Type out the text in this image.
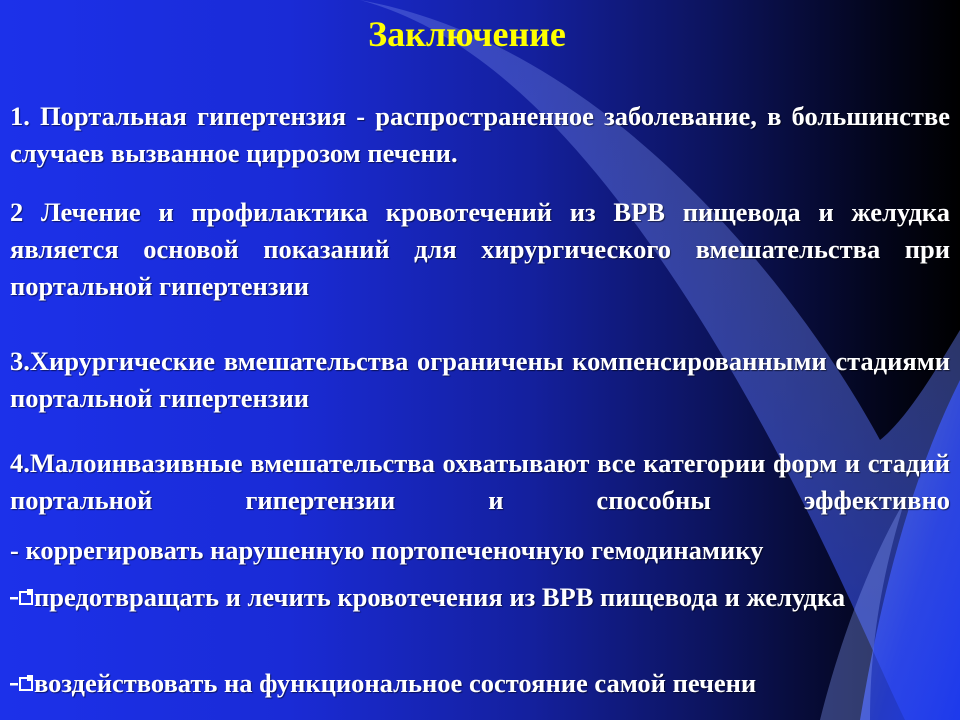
Заключение
1. Портальная гипертензия - распространенное заболевание, в большинстве случаев вызванное циррозом печени.
2 Лечение и профилактика кровотечений из ВРВ пищевода и желудка является основой показаний для хирургического вмешательства при портальной гипертензии
3.Хирургические вмешательства ограничены компенсированными стадиями портальной гипертензии
4.Малоинвазивные вмешательства охватывают все категории форм и стадий портальной гипертензии и способны эффективно
- коррегировать нарушенную портопеченочную гемодинамику
предотвращать и лечить кровотечения из ВРВ пищевода и желудка
воздействовать на функциональное состояние самой печени
